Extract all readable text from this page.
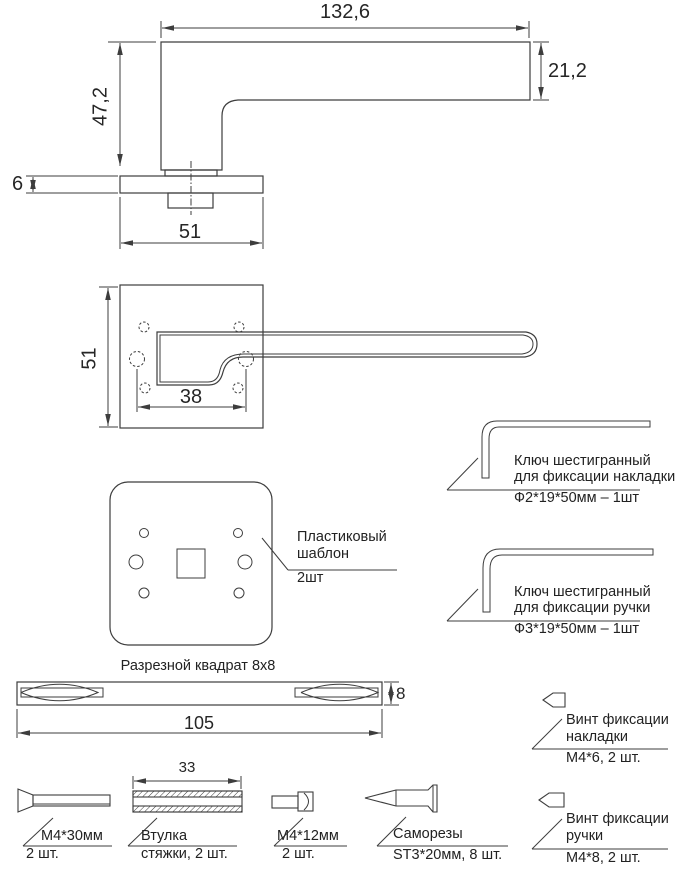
132,6
21,2
47,2
6
51
51
38
Ключ шестигранный
для фиксации накладки
Ф2*19*50мм – 1шт
Ключ шестигранный
для фиксации ручки
Ф3*19*50мм – 1шт
Пластиковый
шаблон
2шт
Разрезной квадрат 8x8
8
105
33
М4*30мм
2 шт.
Втулка
стяжки, 2 шт.
М4*12мм
2 шт.
Саморезы
ST3*20мм, 8 шт.
Винт фиксации
накладки
М4*6, 2 шт.
Винт фиксации
ручки
М4*8, 2 шт.
